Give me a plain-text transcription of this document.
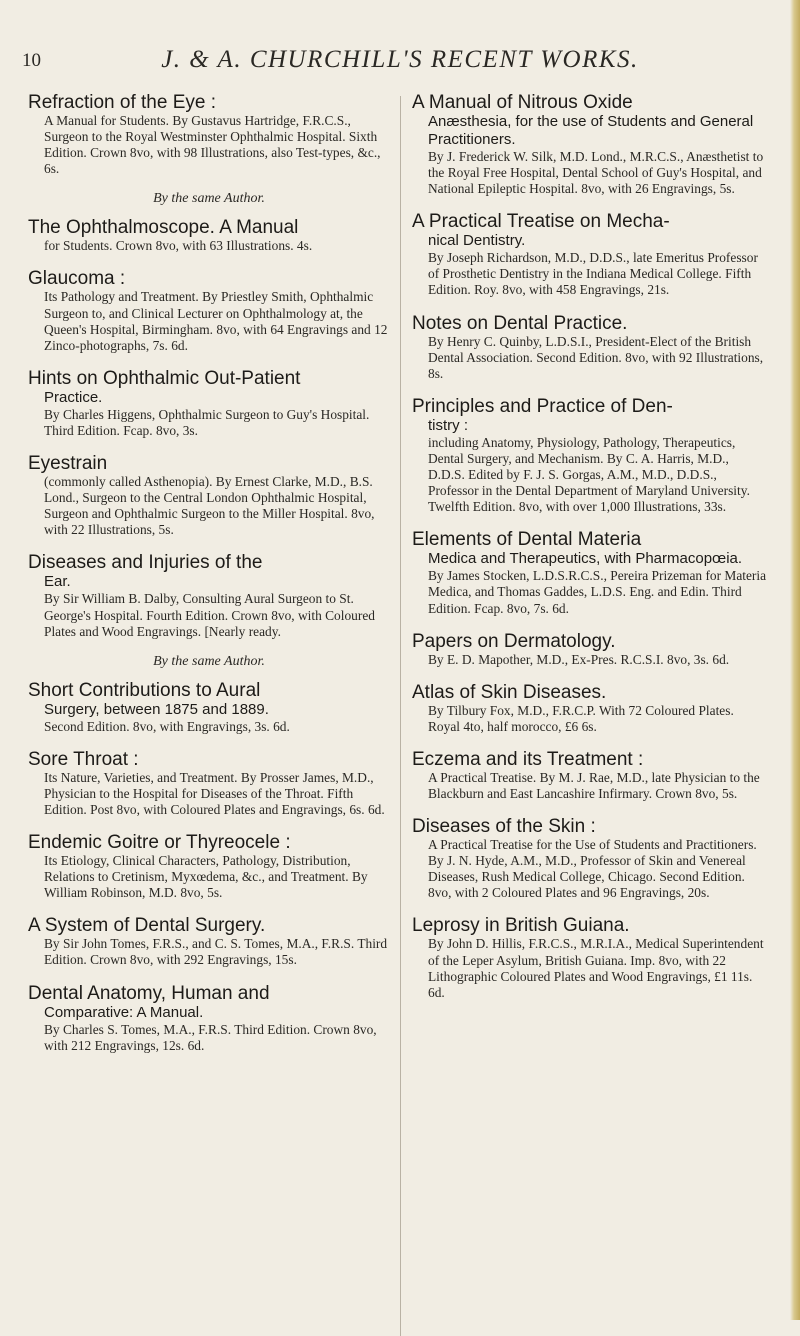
10	J. & A. CHURCHILL'S RECENT WORKS.
Refraction of the Eye :
A Manual for Students. By Gustavus Hartridge, F.R.C.S., Surgeon to the Royal Westminster Ophthalmic Hospital. Sixth Edition. Crown 8vo, with 98 Illustrations, also Test-types, &c., 6s.
By the same Author.
The Ophthalmoscope. A Manual
for Students. Crown 8vo, with 63 Illustrations. 4s.
Glaucoma :
Its Pathology and Treatment. By Priestley Smith, Ophthalmic Surgeon to, and Clinical Lecturer on Ophthalmology at, the Queen's Hospital, Birmingham. 8vo, with 64 Engravings and 12 Zinco-photographs, 7s. 6d.
Hints on Ophthalmic Out-Patient
Practice.
By Charles Higgens, Ophthalmic Surgeon to Guy's Hospital. Third Edition. Fcap. 8vo, 3s.
Eyestrain
(commonly called Asthenopia). By Ernest Clarke, M.D., B.S. Lond., Surgeon to the Central London Ophthalmic Hospital, Surgeon and Ophthalmic Surgeon to the Miller Hospital. 8vo, with 22 Illustrations, 5s.
Diseases and Injuries of the
Ear.
By Sir William B. Dalby, Consulting Aural Surgeon to St. George's Hospital. Fourth Edition. Crown 8vo, with Coloured Plates and Wood Engravings. [Nearly ready.
By the same Author.
Short Contributions to Aural
Surgery, between 1875 and 1889.
Second Edition. 8vo, with Engravings, 3s. 6d.
Sore Throat :
Its Nature, Varieties, and Treatment. By Prosser James, M.D., Physician to the Hospital for Diseases of the Throat. Fifth Edition. Post 8vo, with Coloured Plates and Engravings, 6s. 6d.
Endemic Goitre or Thyreocele :
Its Etiology, Clinical Characters, Pathology, Distribution, Relations to Cretinism, Myxœdema, &c., and Treatment. By William Robinson, M.D. 8vo, 5s.
A System of Dental Surgery.
By Sir John Tomes, F.R.S., and C. S. Tomes, M.A., F.R.S. Third Edition. Crown 8vo, with 292 Engravings, 15s.
Dental Anatomy, Human and
Comparative: A Manual.
By Charles S. Tomes, M.A., F.R.S. Third Edition. Crown 8vo, with 212 Engravings, 12s. 6d.
A Manual of Nitrous Oxide
Anæsthesia, for the use of Students and General Practitioners.
By J. Frederick W. Silk, M.D. Lond., M.R.C.S., Anæsthetist to the Royal Free Hospital, Dental School of Guy's Hospital, and National Epileptic Hospital. 8vo, with 26 Engravings, 5s.
A Practical Treatise on Mecha-
nical Dentistry.
By Joseph Richardson, M.D., D.D.S., late Emeritus Professor of Prosthetic Dentistry in the Indiana Medical College. Fifth Edition. Roy. 8vo, with 458 Engravings, 21s.
Notes on Dental Practice.
By Henry C. Quinby, L.D.S.I., President-Elect of the British Dental Association. Second Edition. 8vo, with 92 Illustrations, 8s.
Principles and Practice of Den-
tistry :
including Anatomy, Physiology, Pathology, Therapeutics, Dental Surgery, and Mechanism. By C. A. Harris, M.D., D.D.S. Edited by F. J. S. Gorgas, A.M., M.D., D.D.S., Professor in the Dental Department of Maryland University. Twelfth Edition. 8vo, with over 1,000 Illustrations, 33s.
Elements of Dental Materia
Medica and Therapeutics, with Pharmacopœia.
By James Stocken, L.D.S.R.C.S., Pereira Prizeman for Materia Medica, and Thomas Gaddes, L.D.S. Eng. and Edin. Third Edition. Fcap. 8vo, 7s. 6d.
Papers on Dermatology.
By E. D. Mapother, M.D., Ex-Pres. R.C.S.I. 8vo, 3s. 6d.
Atlas of Skin Diseases.
By Tilbury Fox, M.D., F.R.C.P. With 72 Coloured Plates. Royal 4to, half morocco, £6 6s.
Eczema and its Treatment :
A Practical Treatise. By M. J. Rae, M.D., late Physician to the Blackburn and East Lancashire Infirmary. Crown 8vo, 5s.
Diseases of the Skin :
A Practical Treatise for the Use of Students and Practitioners. By J. N. Hyde, A.M., M.D., Professor of Skin and Venereal Diseases, Rush Medical College, Chicago. Second Edition. 8vo, with 2 Coloured Plates and 96 Engravings, 20s.
Leprosy in British Guiana.
By John D. Hillis, F.R.C.S., M.R.I.A., Medical Superintendent of the Leper Asylum, British Guiana. Imp. 8vo, with 22 Lithographic Coloured Plates and Wood Engravings, £1 11s. 6d.
